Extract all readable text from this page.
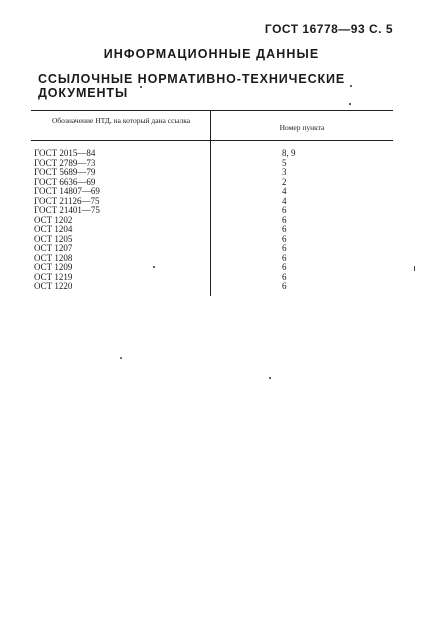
ГОСТ 16778—93 С. 5
ИНФОРМАЦИОННЫЕ ДАННЫЕ
ССЫЛОЧНЫЕ НОРМАТИВНО-ТЕХНИЧЕСКИЕ ДОКУМЕНТЫ
Обозначение НТД, на который дана ссылка
Номер пункта
ГОСТ 2015—84	8, 9
ГОСТ 2789—73	5
ГОСТ 5689—79	3
ГОСТ 6636—69	2
ГОСТ 14807—69	4
ГОСТ 21126—75	4
ГОСТ 21401—75	6
ОСТ 1202	6
ОСТ 1204	6
ОСТ 1205	6
ОСТ 1207	6
ОСТ 1208	6
ОСТ 1209	6
ОСТ 1219	6
ОСТ 1220	6
